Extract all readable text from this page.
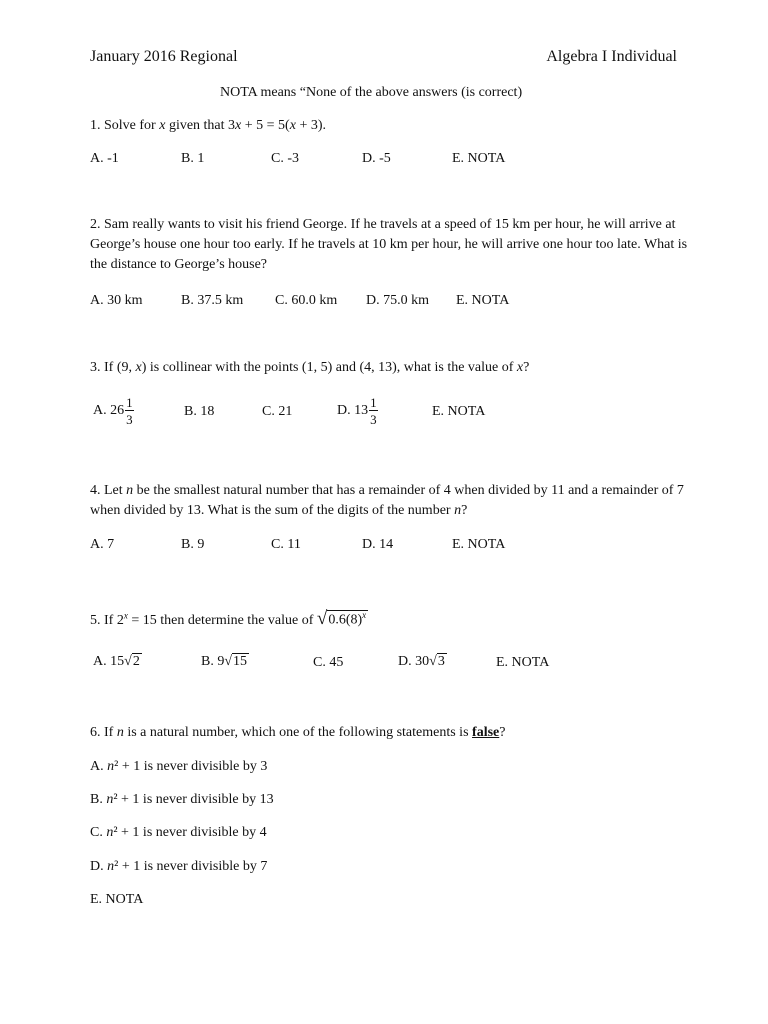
January 2016 Regional	Algebra I Individual
NOTA means “None of the above answers (is correct)
1. Solve for x given that 3x + 5 = 5(x + 3).
A. -1	B. 1	C. -3	D. -5	E. NOTA
2. Sam really wants to visit his friend George. If he travels at a speed of 15 km per hour, he will arrive at George’s house one hour too early. If he travels at 10 km per hour, he will arrive one hour too late. What is the distance to George’s house?
A. 30 km	B. 37.5 km C. 60.0 km D. 75.0 km E. NOTA
3. If (9, x) is collinear with the points (1, 5) and (4, 13), what is the value of x?
A. $26 \frac{1}{3}$	B. 18	C. 21	D. $13 \frac{1}{3}$	E. NOTA
4. Let n be the smallest natural number that has a remainder of 4 when divided by 11 and a remainder of 7 when divided by 13. What is the sum of the digits of the number n?
A. 7	B. 9	C. 11	D. 14	E. NOTA
5. If $2^x = 15$ then determine the value of $√0.6(8)^x$
A. 15√2	B. 9√15	C. 45	D. 30√3	E. NOTA
6. If n is a natural number, which one of the following statements is false?
A. n² + 1 is never divisible by 3
B. n² + 1 is never divisible by 13
C. n² + 1 is never divisible by 4
D. n² + 1 is never divisible by 7
E. NOTA
